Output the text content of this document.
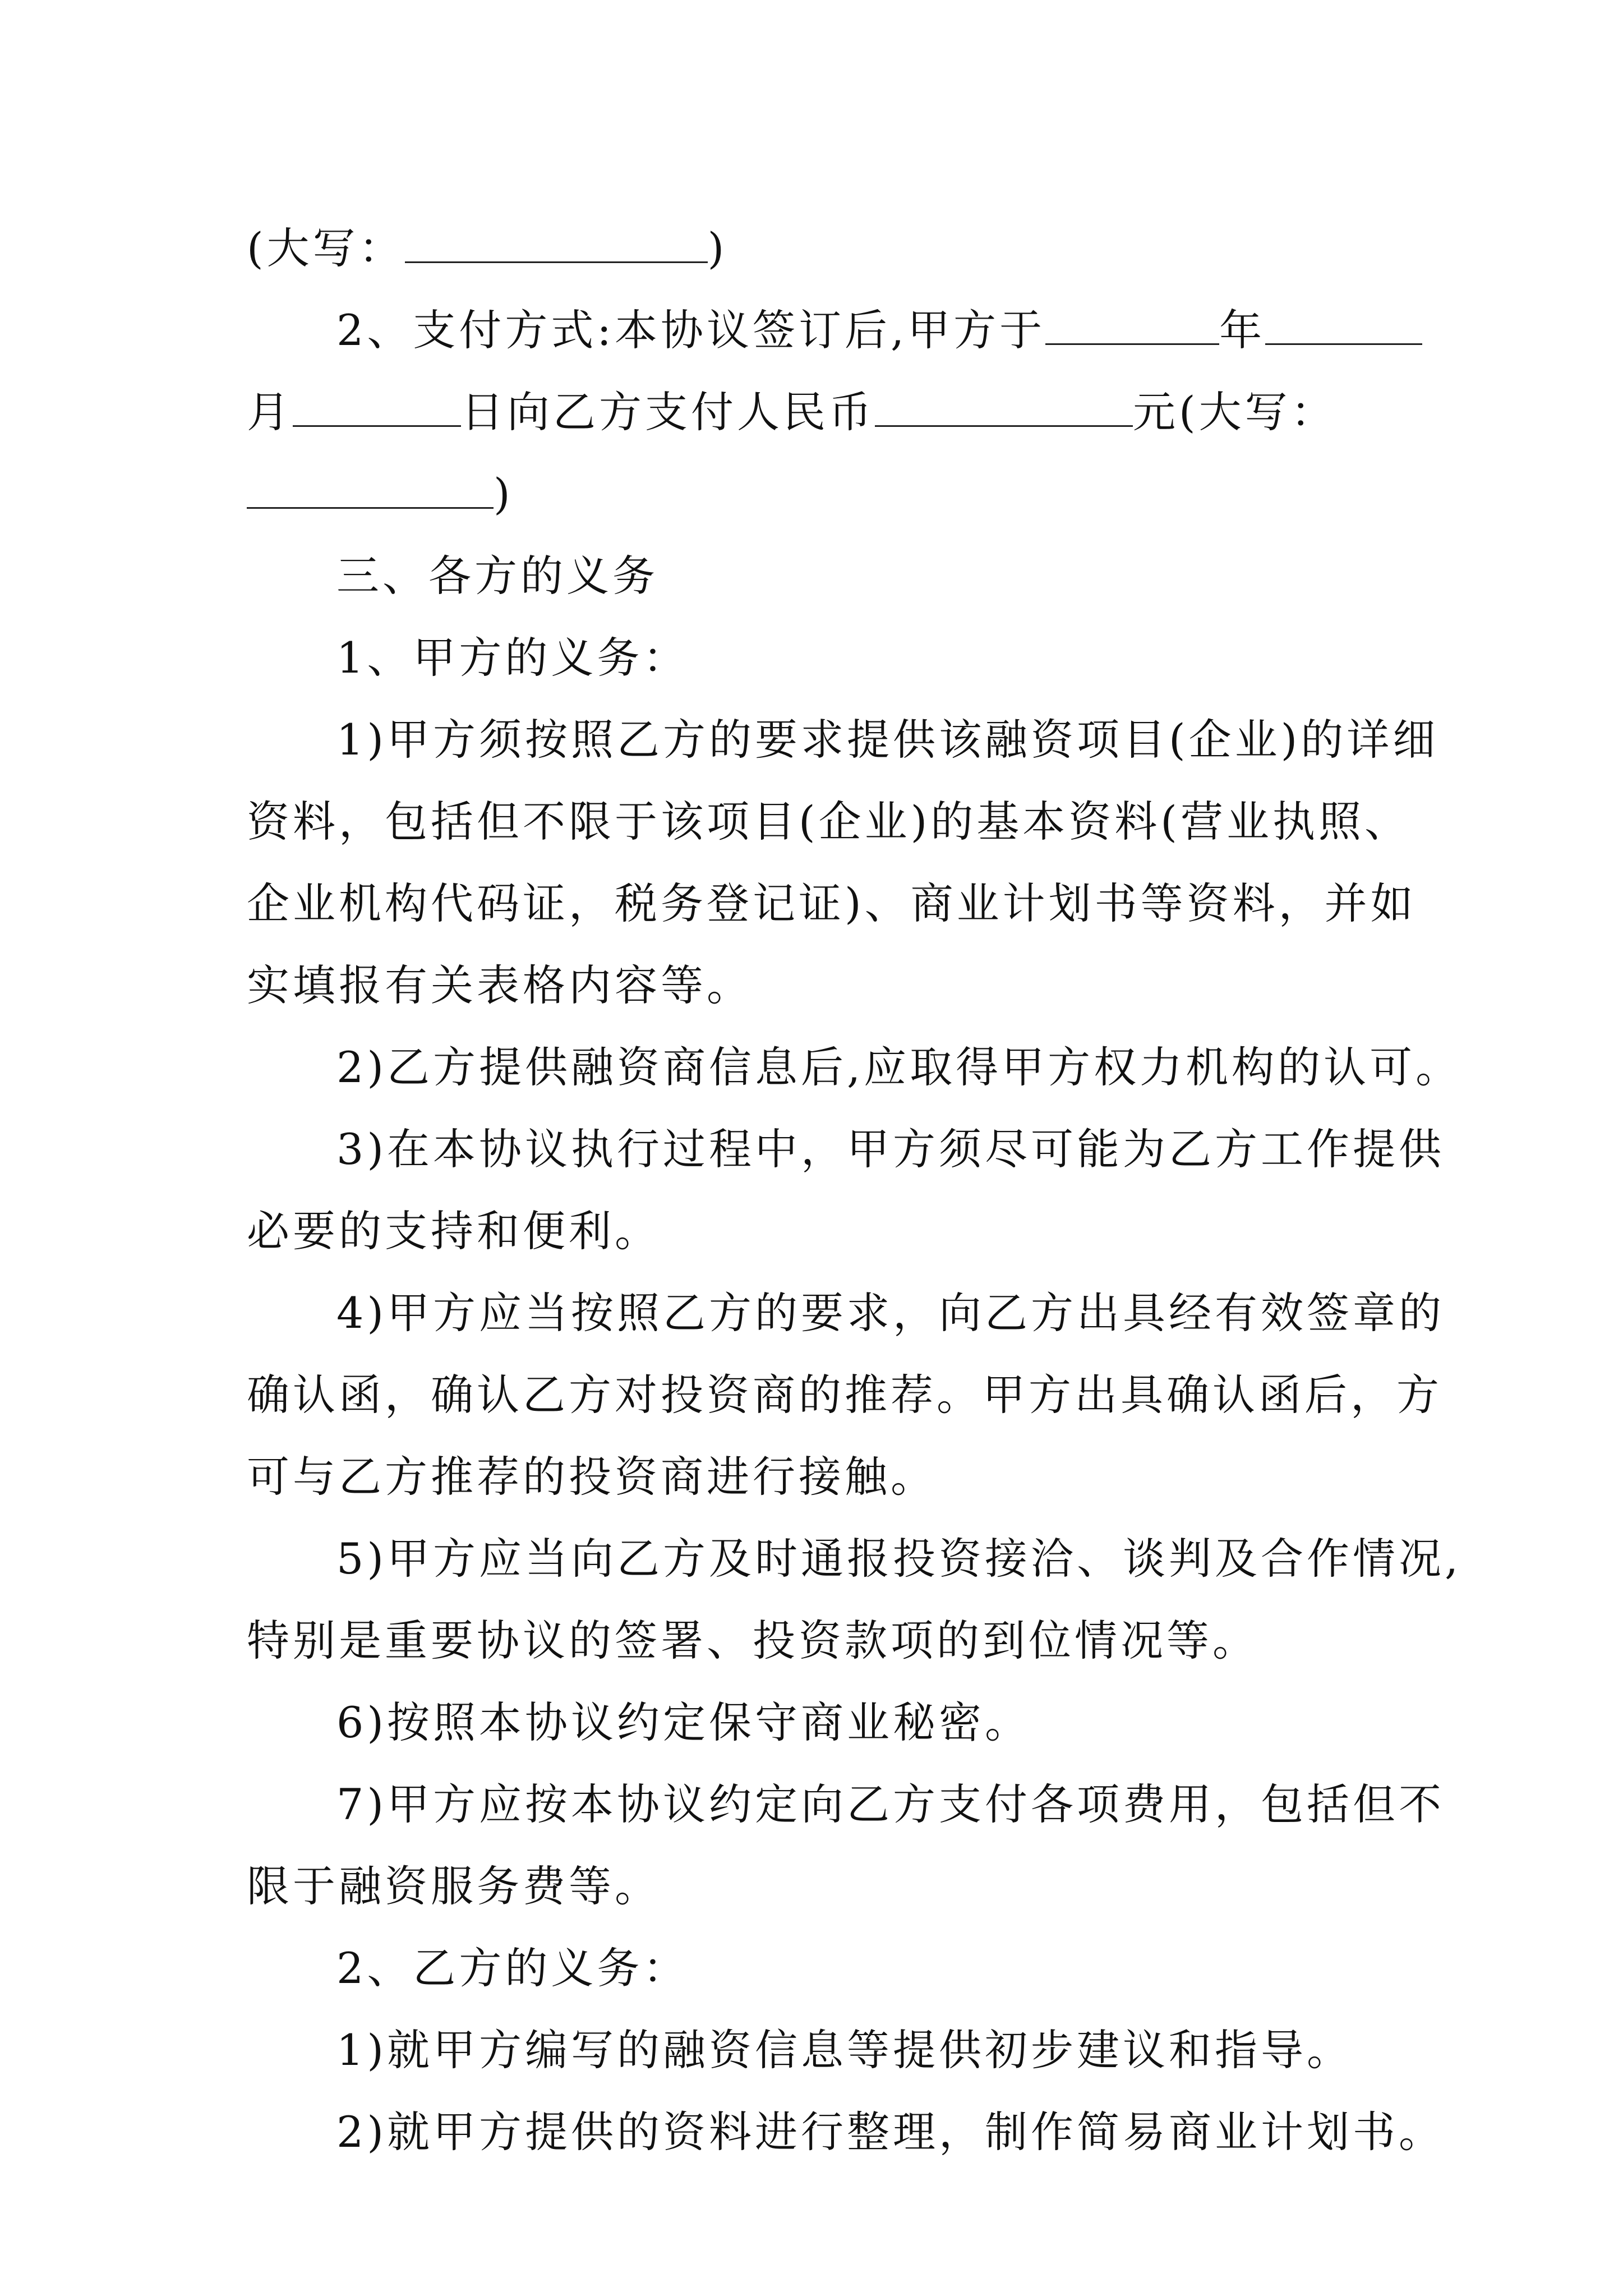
(大写：	)
2、支付方式:本协议签订后,甲方于	年
月	日向乙方支付人民币	元(大写：
)
三、各方的义务
1、甲方的义务：
1)甲方须按照乙方的要求提供该融资项目(企业)的详细
资料，包括但不限于该项目(企业)的基本资料(营业执照、
企业机构代码证，税务登记证)、商业计划书等资料，并如
实填报有关表格内容等。
2)乙方提供融资商信息后,应取得甲方权力机构的认可。
3)在本协议执行过程中，甲方须尽可能为乙方工作提供
必要的支持和便利。
4)甲方应当按照乙方的要求，向乙方出具经有效签章的
确认函，确认乙方对投资商的推荐。甲方出具确认函后，方
可与乙方推荐的投资商进行接触。
5)甲方应当向乙方及时通报投资接洽、谈判及合作情况,
特别是重要协议的签署、投资款项的到位情况等。
6)按照本协议约定保守商业秘密。
7)甲方应按本协议约定向乙方支付各项费用，包括但不
限于融资服务费等。
2、乙方的义务：
1)就甲方编写的融资信息等提供初步建议和指导。
2)就甲方提供的资料进行整理，制作简易商业计划书。
